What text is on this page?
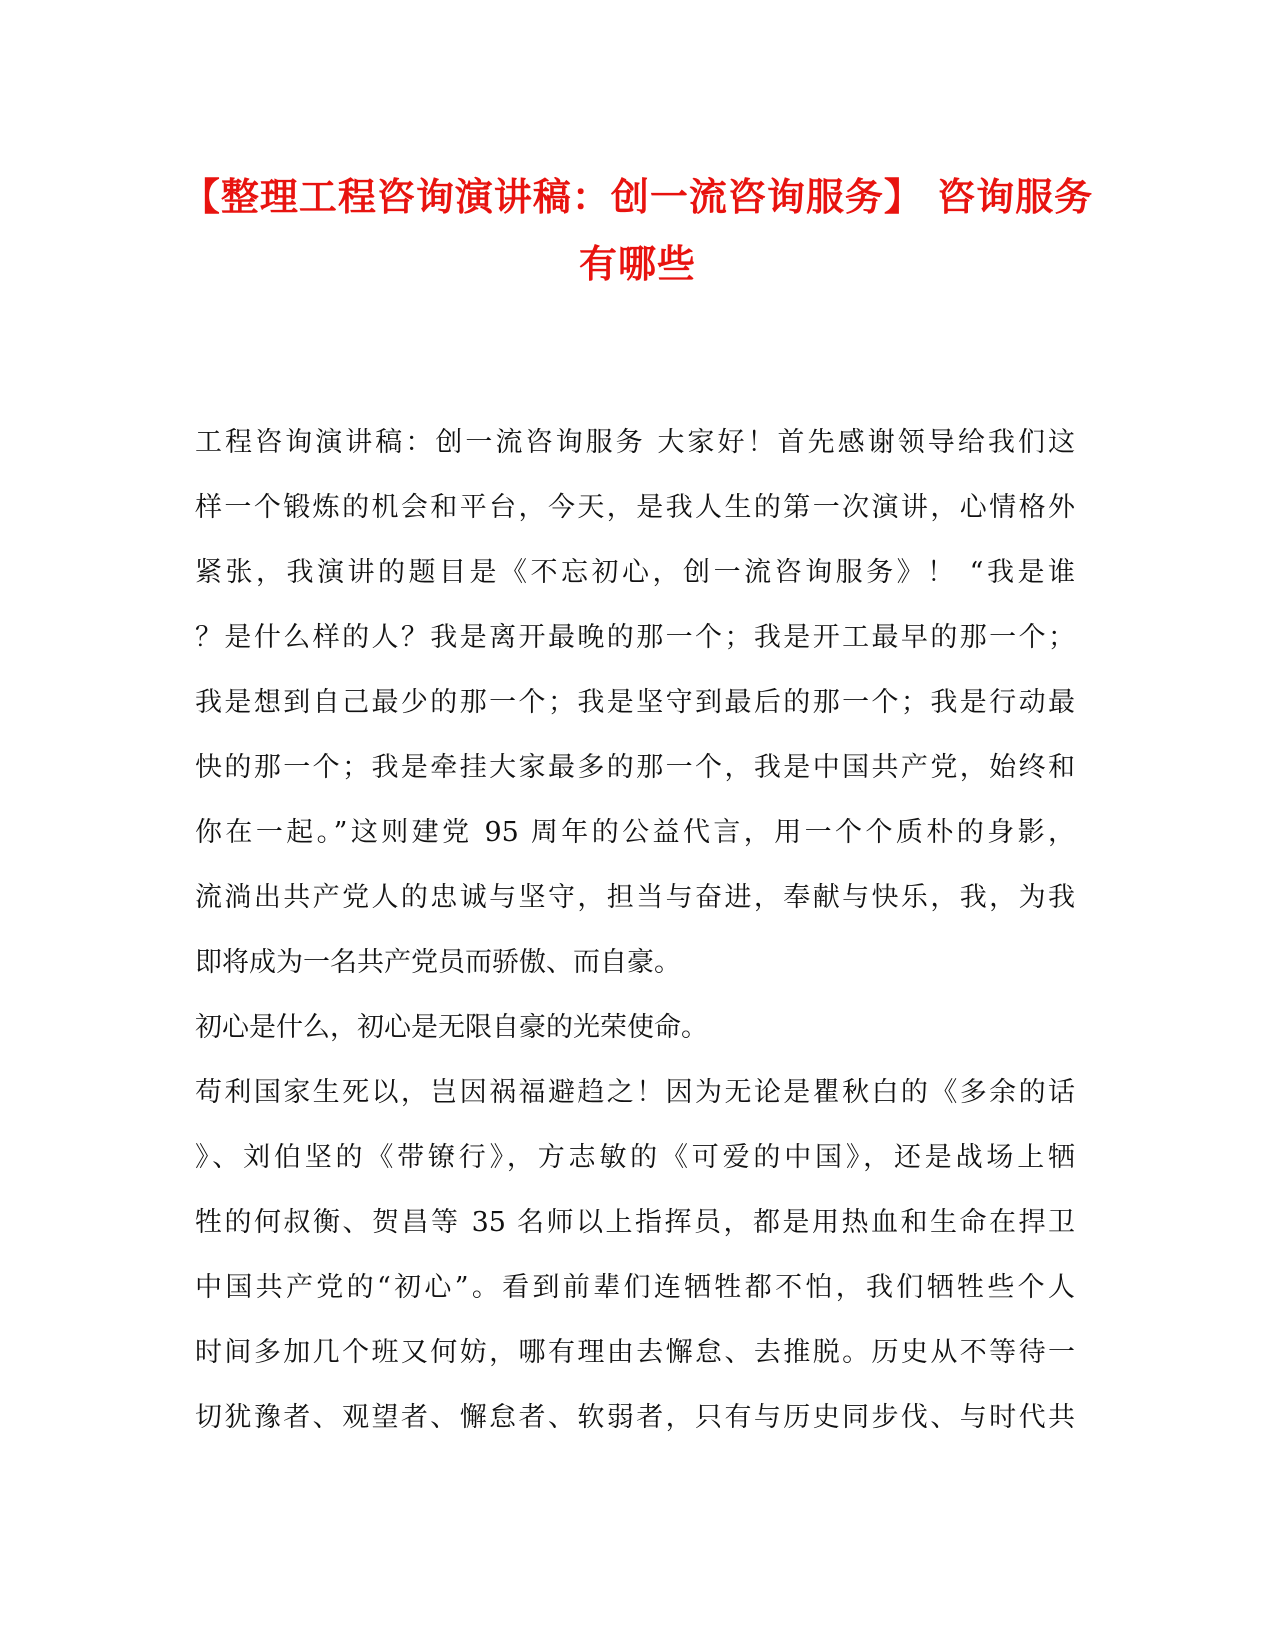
【整理工程咨询演讲稿：创一流咨询服务】 咨询服务
有哪些
工程咨询演讲稿：创一流咨询服务 大家好！首先感谢领导给我们这
样一个锻炼的机会和平台，今天，是我人生的第一次演讲，心情格外
紧张，我演讲的题目是《不忘初心，创一流咨询服务》！ “我是谁
？是什么样的人？我是离开最晚的那一个；我是开工最早的那一个；
我是想到自己最少的那一个；我是坚守到最后的那一个；我是行动最
快的那一个；我是牵挂大家最多的那一个，我是中国共产党，始终和
你在一起。”这则建党 95 周年的公益代言，用一个个质朴的身影，
流淌出共产党人的忠诚与坚守，担当与奋进，奉献与快乐，我，为我
即将成为一名共产党员而骄傲、而自豪。
初心是什么，初心是无限自豪的光荣使命。
苟利国家生死以，岂因祸福避趋之！因为无论是瞿秋白的《多余的话
》、刘伯坚的《带镣行》，方志敏的《可爱的中国》，还是战场上牺
牲的何叔衡、贺昌等 35 名师以上指挥员，都是用热血和生命在捍卫
中国共产党的“初心”。看到前辈们连牺牲都不怕，我们牺牲些个人
时间多加几个班又何妨，哪有理由去懈怠、去推脱。历史从不等待一
切犹豫者、观望者、懈怠者、软弱者，只有与历史同步伐、与时代共
